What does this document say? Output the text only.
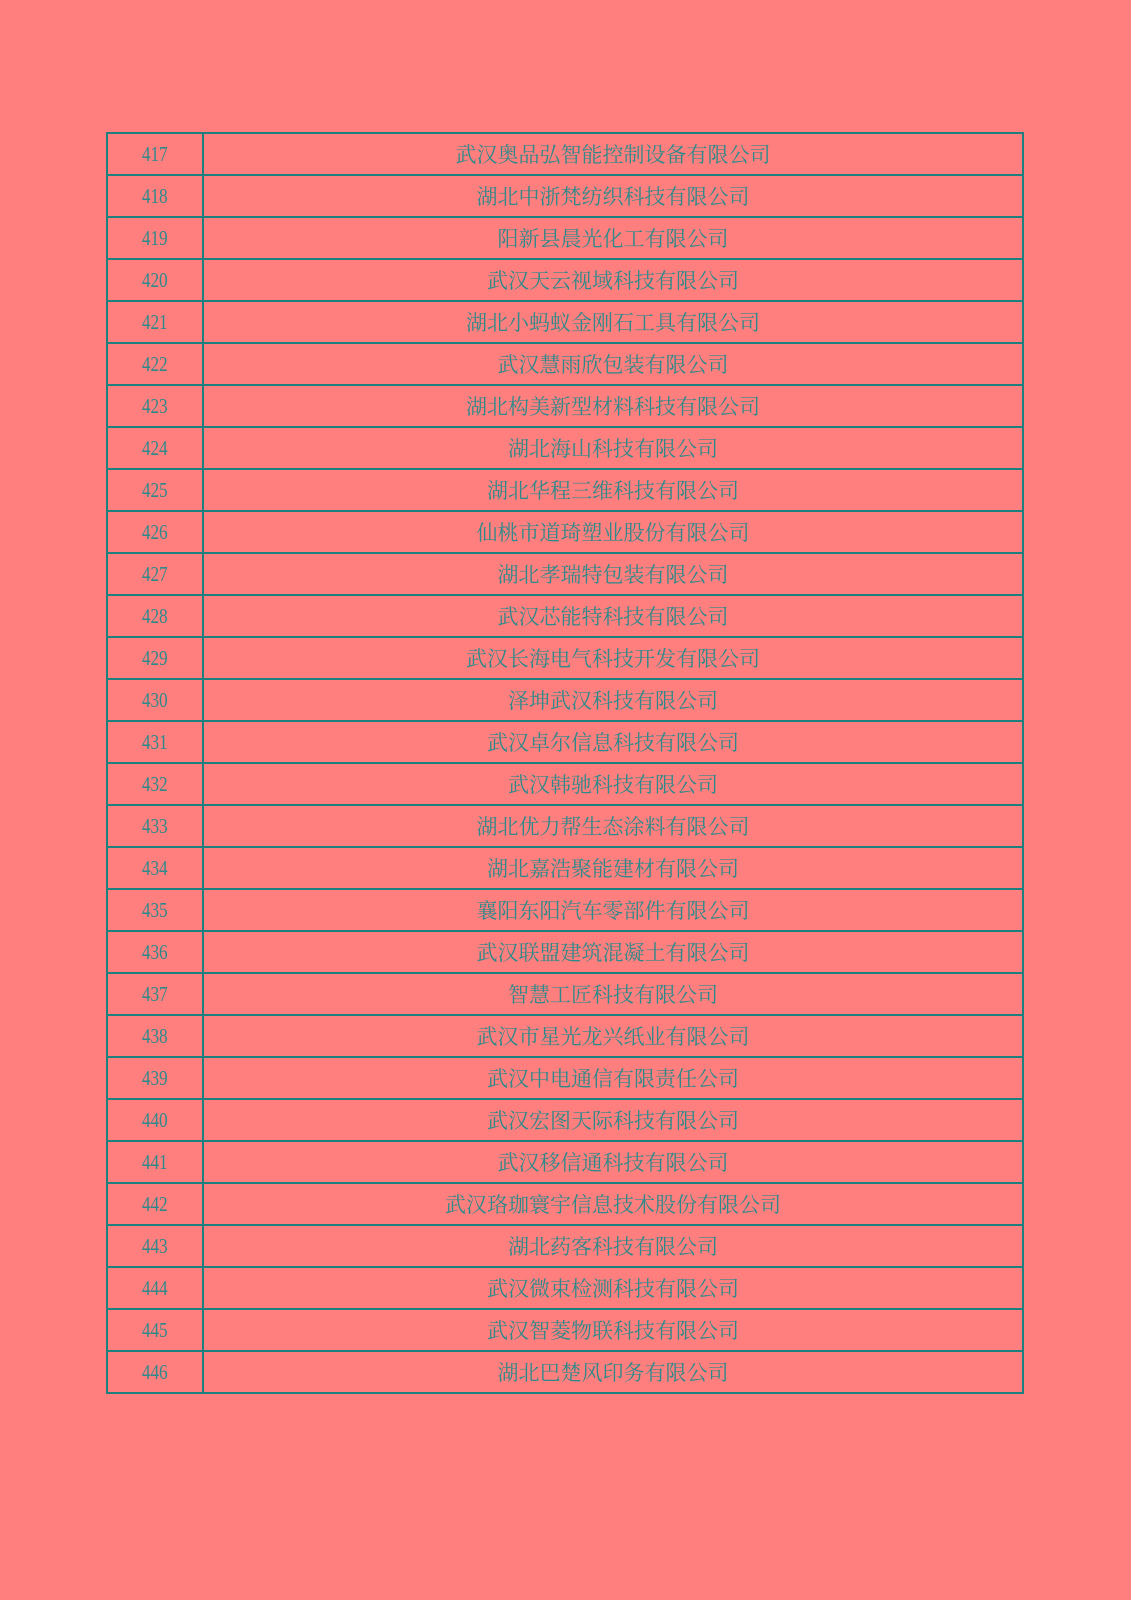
417	武汉奥品弘智能控制设备有限公司
418	湖北中浙梵纺织科技有限公司
419	阳新县晨光化工有限公司
420	武汉天云视域科技有限公司
421	湖北小蚂蚁金刚石工具有限公司
422	武汉慧雨欣包装有限公司
423	湖北构美新型材料科技有限公司
424	湖北海山科技有限公司
425	湖北华程三维科技有限公司
426	仙桃市道琦塑业股份有限公司
427	湖北孝瑞特包装有限公司
428	武汉芯能特科技有限公司
429	武汉长海电气科技开发有限公司
430	泽坤武汉科技有限公司
431	武汉卓尔信息科技有限公司
432	武汉韩驰科技有限公司
433	湖北优力帮生态涂料有限公司
434	湖北嘉浩聚能建材有限公司
435	襄阳东阳汽车零部件有限公司
436	武汉联盟建筑混凝土有限公司
437	智慧工匠科技有限公司
438	武汉市星光龙兴纸业有限公司
439	武汉中电通信有限责任公司
440	武汉宏图天际科技有限公司
441	武汉移信通科技有限公司
442	武汉珞珈寰宇信息技术股份有限公司
443	湖北药客科技有限公司
444	武汉微束检测科技有限公司
445	武汉智菱物联科技有限公司
446	湖北巴楚风印务有限公司
